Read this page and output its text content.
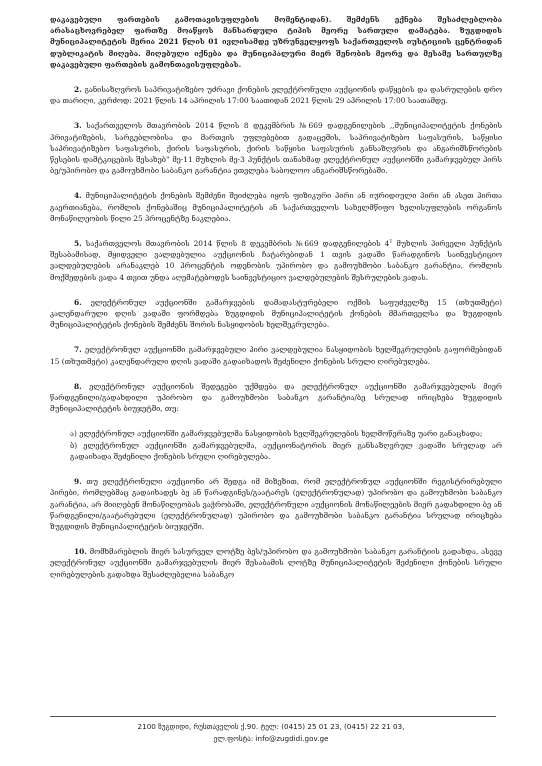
დაკავებული ფართების გამოთავისუფლების მომენტიდან). შემძენს ექნება შესაძლებლობა არასაცხოვრებელ ფართზე მოაწყოს მანსარდული ტიპის მეორე სართული დამატება. ზუგდიდის მუნიციპალიტეტის მერია 2021 წლის 01 ივლისამდე უზრუნველყოფს საქართველოს იუსტიციის ცენტრიდან დუბლიკატის მიღება. მიღებული იქნება და მუნიციპალური მიერ შენობის მეორე და მესამე სართულზე დაკავებული ფართების გამონთავისუფლებას.

2. განისაზღვროს საპრივატიზებო უძრავი ქონების ელექტრონული აუქციონის დაწყების და დასრულების დრო და თარიღი, კერძოდ: 2021 წლის 14 აპრილის 17:00 საათიდან 2021 წლის 29 აპრილის 17:00 საათამდე.

3. საქართველოს მთავრობის 2014 წლის 8 დეკემბრის №669 დადგენილების ,,მუნიციპალიტეტის ქონების პრივატიზების, სარგებლობისა და მართვის უფლებებით გადაცემის, საპრივატიზებო საფასურის, საწყისი საპრივატიზებო საფასურის, ქირის საფასურის, ქირის საწყისი საფასურის განსაზღვრის და ანგარიშსწორების წესების დამტკიცების შესახებ" მე-11 მუხლის მე-3 პუნქტის თანახმად ელექტრონულ აუქციონში გამარჯვებულ პირს ბე/უპირობო და გამოუხმობი საბანკო გარანტია ეთვლება საბოლოო ანგარიშსწორებაში.

4. მუნიციპალიტეტის ქონების შემძენი შეიძლება იყოს ფიზიკური პირი ან იურიდიული პირი ან ასეთ პირთა გაერთიანება, რომლის ქონებაშიც მუნიციპალიტეტის ან საქართველოს სახელმწიფო ხელისუფლების ორგანოს მონაწილეობის წილი 25 პროცენტზე ნაკლებია.

5. საქართველოს მთავრობის 2014 წლის 8 დეკემბრის №669 დადგენილების $4^1$ მუხლის პირველი პუნქტის შესაბამისად, მყიდველი ვალდებულია აუქციონის ჩატარებიდან 1 თვის ვადაში წარადგინოს საინვესტიციო ვალდებულების არანაკლებ 10 პროცენტის ოდენობის უპირობო და გამოუხმობი საბანკო გარანტია, რომლის მოქმედების ვადა 4 თვით უნდა აღემატებოდეს საინვესტიციო ვალდებულების შესრულების ვადას.

6. ელექტრონულ აუქციონში გამარჯვების დამადასტურებელი ოქმის საფუძველზე 15 (თხუთმეტი) კალენდარული დღის ვადაში ფორმდება ზუგდიდის მუნიციპალიტეტის ქონების მმართველსა და ზუგდიდის მუნიციპალიტეტის ქონების შემძენს შორის ნასყიდობის ხელშეკრულება.

7. ელექტრონულ აუქციონში გამარჯვებული პირი ვალდებულია ნასყიდობის ხელშეკრულების გაფორმებიდან 15 (თხუთმეტი) კალენდარული დღის ვადაში გადაიხადოს შეძენილი ქონების სრული ღირებულება.

8. ელექტრონულ აუქციონის შედეგები უქმდება და ელექტრონულ აუქციონში გამარჯვებულის მიერ წარდგენილი/გადახდილი უპირობო და გამოუხმობი საბანკო გარანტია/ბე სრულად ირიცხება ზუგდიდის მუნიციპალიტეტის ბიუჯეტში, თუ:

ა) ელექტრონულ აუქციონში გამარჯვებულმა ნასყიდობის ხელშეკრულების ხელმოწერაზე უარი განაცხადა;
ბ) ელექტრონულ აუქციონში გამარჯვებულმა, აუქციონატორის მიერ განსაზღვრულ ვადაში სრულად არ გადაიხადა შეძენილი ქონების სრული ღირებულება.

9. თუ ელექტრონული აუქციონი არ შედგა იმ მიზეზით, რომ ელექტრონულ აუქციონში რეგისტრირებული პირები, რომლებმაც გადაიხადეს ბე ან წარადგინეს/გაატარეს (ელექტრონულად) უპირობო და გამოუხმობი საბანკო გარანტია, არ მიიღებენ მონაწილეობას ვაჭრობაში, ელექტრონული აუქციონის მონაწილეების მიერ გადახდილი ბე ან წარდგენილი/გაატარებული (ელექტრონულად) უპირობო და გამოუხმობი საბანკო გარანტია სრულად ირიცხება ზუგდიდის მუნიციპალიტეტის ბიუჯეტში.

10. მომხმარებლის მიერ სასურველ ლოტზე ბეს/უპირობო და გამოუხმობი საბანკო გარანტიის გადახდა, ასევე ელექტრონულ აუქციონში გამარჯვებულის მიერ შესაბამის ლოტზე მუნიციპალიტეტის შეძენილი ქონების სრული ღირებულების გადახდა შესაძლებელია საბანკო

2100 ზუგდიდი, რუსთაველის ქ.90. ტელ: (0415) 25 01 23, (0415) 22 21 03,
ელ.ფოსტა: info@zugdidi.gov.ge
